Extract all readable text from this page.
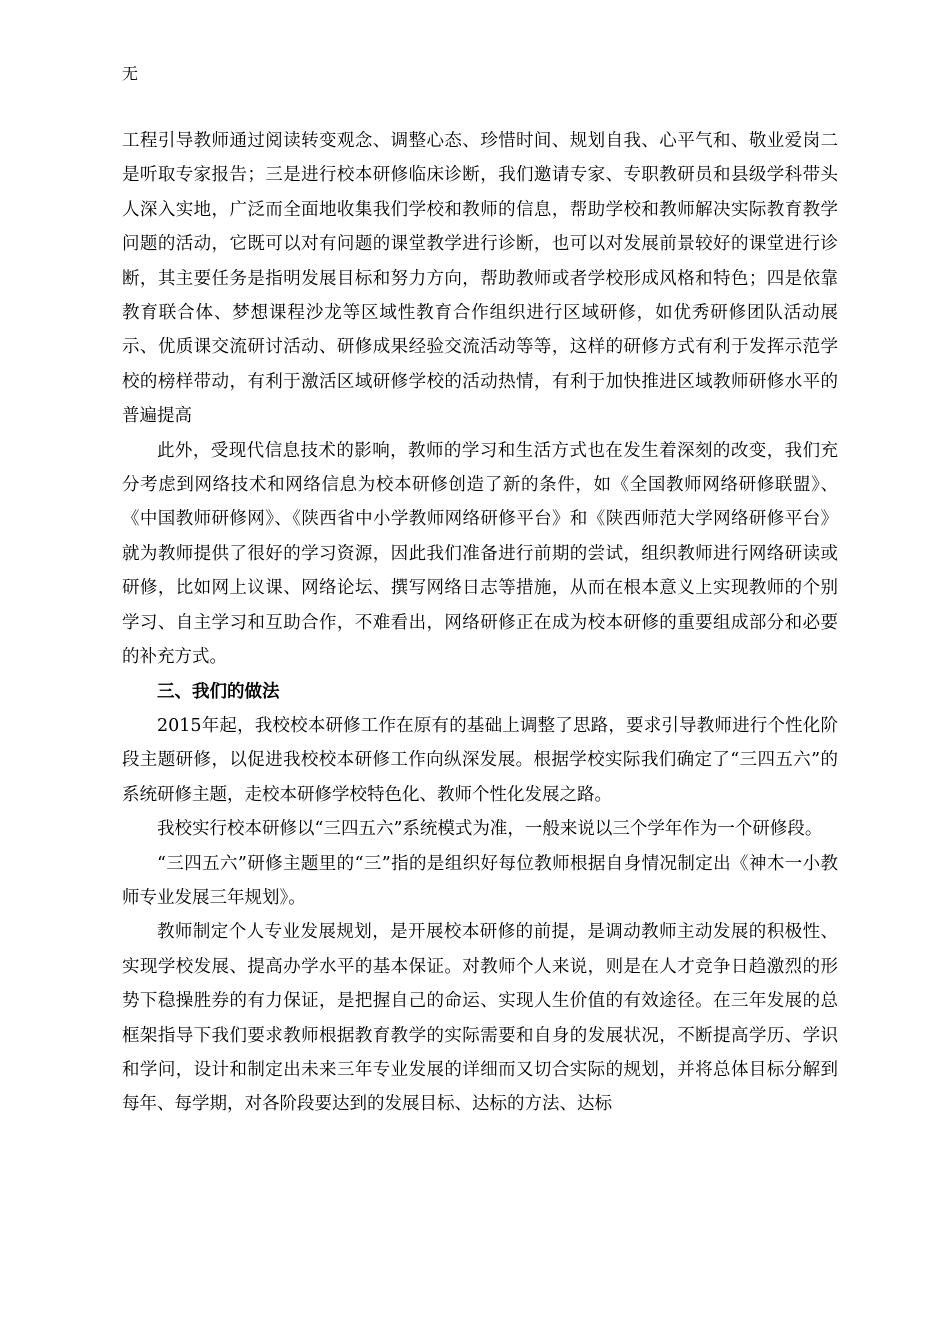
无

工程引导教师通过阅读转变观念、调整心态、珍惜时间、规划自我、心平气和、敬业爱岗二是听取专家报告；三是进行校本研修临床诊断，我们邀请专家、专职教研员和县级学科带头人深入实地，广泛而全面地收集我们学校和教师的信息，帮助学校和教师解决实际教育教学问题的活动，它既可以对有问题的课堂教学进行诊断，也可以对发展前景较好的课堂进行诊断，其主要任务是指明发展目标和努力方向，帮助教师或者学校形成风格和特色；四是依靠教育联合体、梦想课程沙龙等区域性教育合作组织进行区域研修，如优秀研修团队活动展示、优质课交流研讨活动、研修成果经验交流活动等等，这样的研修方式有利于发挥示范学校的榜样带动，有利于激活区域研修学校的活动热情，有利于加快推进区域教师研修水平的普遍提高

此外，受现代信息技术的影响，教师的学习和生活方式也在发生着深刻的改变，我们充分考虑到网络技术和网络信息为校本研修创造了新的条件，如《全国教师网络研修联盟》、《中国教师研修网》、《陕西省中小学教师网络研修平台》和《陕西师范大学网络研修平台》就为教师提供了很好的学习资源，因此我们准备进行前期的尝试，组织教师进行网络研读或研修，比如网上议课、网络论坛、撰写网络日志等措施，从而在根本意义上实现教师的个别学习、自主学习和互助合作，不难看出，网络研修正在成为校本研修的重要组成部分和必要的补充方式。

三、我们的做法

2015年起，我校校本研修工作在原有的基础上调整了思路，要求引导教师进行个性化阶段主题研修，以促进我校校本研修工作向纵深发展。根据学校实际我们确定了“三四五六”的系统研修主题，走校本研修学校特色化、教师个性化发展之路。

我校实行校本研修以“三四五六”系统模式为准，一般来说以三个学年作为一个研修段。

“三四五六”研修主题里的“三”指的是组织好每位教师根据自身情况制定出《神木一小教师专业发展三年规划》。

教师制定个人专业发展规划，是开展校本研修的前提，是调动教师主动发展的积极性、实现学校发展、提高办学水平的基本保证。对教师个人来说，则是在人才竞争日趋激烈的形势下稳操胜券的有力保证，是把握自己的命运、实现人生价值的有效途径。在三年发展的总框架指导下我们要求教师根据教育教学的实际需要和自身的发展状况，不断提高学历、学识和学问，设计和制定出未来三年专业发展的详细而又切合实际的规划，并将总体目标分解到每年、每学期，对各阶段要达到的发展目标、达标的方法、达标
